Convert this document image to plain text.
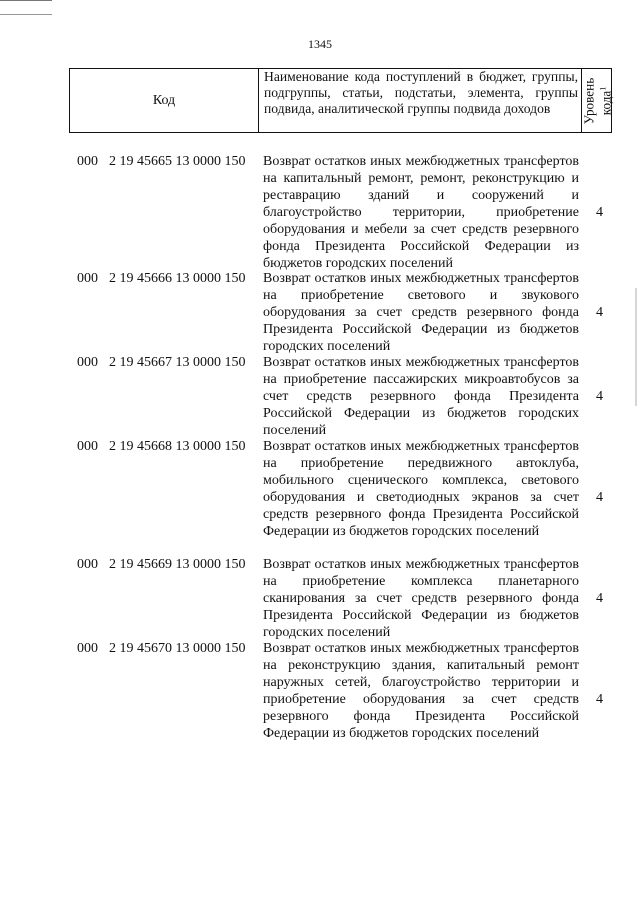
1345
Код
Наименование кода поступлений в бюджет, группы, подгруппы, статьи, подстатьи, элемента, группы подвида, аналитической группы подвида доходов	Уровень кода$^1$
000 2 19 45665 13 0000 150 Возврат остатков иных межбюджетных трансфертов на капитальный ремонт, ремонт, реконструкцию и реставрацию зданий и сооружений и благоустройство территории, приобретение оборудования и мебели за счет средств резервного фонда Президента Российской Федерации из бюджетов городских поселений
4
000 2 19 45666 13 0000 150 Возврат остатков иных межбюджетных трансфертов на приобретение светового и звукового оборудования за счет средств резервного фонда Президента Российской Федерации из бюджетов городских поселений
4
000 2 19 45667 13 0000 150 Возврат остатков иных межбюджетных трансфертов на приобретение пассажирских микроавтобусов за счет средств резервного фонда Президента Российской Федерации из бюджетов городских поселений
4
000 2 19 45668 13 0000 150 Возврат остатков иных межбюджетных трансфертов на приобретение передвижного автоклуба, мобильного сценического комплекса, светового оборудования и светодиодных экранов за счет средств резервного фонда Президента Российской Федерации из бюджетов городских поселений
4
000 2 19 45669 13 0000 150 Возврат остатков иных межбюджетных трансфертов на приобретение комплекса планетарного сканирования за счет средств резервного фонда Президента Российской Федерации из бюджетов городских поселений
4
000 2 19 45670 13 0000 150 Возврат остатков иных межбюджетных трансфертов на реконструкцию здания, капитальный ремонт наружных сетей, благоустройство территории и приобретение оборудования за счет средств резервного фонда Президента Российской Федерации из бюджетов городских поселений
4
